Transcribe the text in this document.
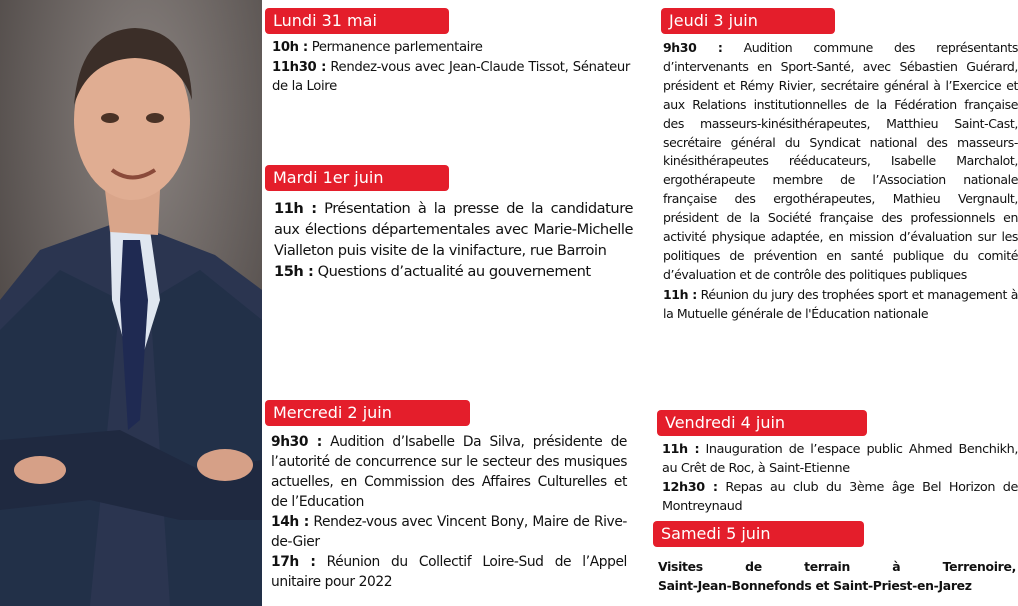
Lundi 31 mai
10h : Permanence parlementaire
11h30 : Rendez-vous avec Jean-Claude Tissot, Sénateur de la Loire
Mardi 1er juin
11h : Présentation à la presse de la candidature aux élections départementales avec Marie-Michelle Vialleton puis visite de la vinifacture, rue Barroin
15h : Questions d’actualité au gouvernement
Mercredi 2 juin
9h30 : Audition d’Isabelle Da Silva, présidente de l’autorité de concurrence sur le secteur des musiques actuelles, en Commission des Affaires Culturelles et de l’Education
14h : Rendez-vous avec Vincent Bony, Maire de Rive-de-Gier
17h : Réunion du Collectif Loire-Sud de l’Appel unitaire pour 2022
Jeudi 3 juin
9h30 : Audition commune des représentants d’intervenants en Sport-Santé, avec Sébastien Guérard, président et Rémy Rivier, secrétaire général à l’Exercice et aux Relations institutionnelles de la Fédération française des masseurs-kinésithérapeutes, Matthieu Saint-Cast, secrétaire général du Syndicat national des masseurs-kinésithérapeutes rééducateurs, Isabelle Marchalot, ergothérapeute membre de l’Association nationale française des ergothérapeutes, Mathieu Vergnault, président de la Société française des professionnels en activité physique adaptée, en mission d’évaluation sur les politiques de prévention en santé publique du comité d’évaluation et de contrôle des politiques publiques
11h : Réunion du jury des trophées sport et management à la Mutuelle générale de l'Éducation nationale
Vendredi 4 juin
11h : Inauguration de l’espace public Ahmed Benchikh, au Crêt de Roc, à Saint-Etienne
12h30 : Repas au club du 3ème âge Bel Horizon de Montreynaud
Samedi 5 juin
Visites de terrain à Terrenoire,
Saint-Jean-Bonnefonds et Saint-Priest-en-Jarez
